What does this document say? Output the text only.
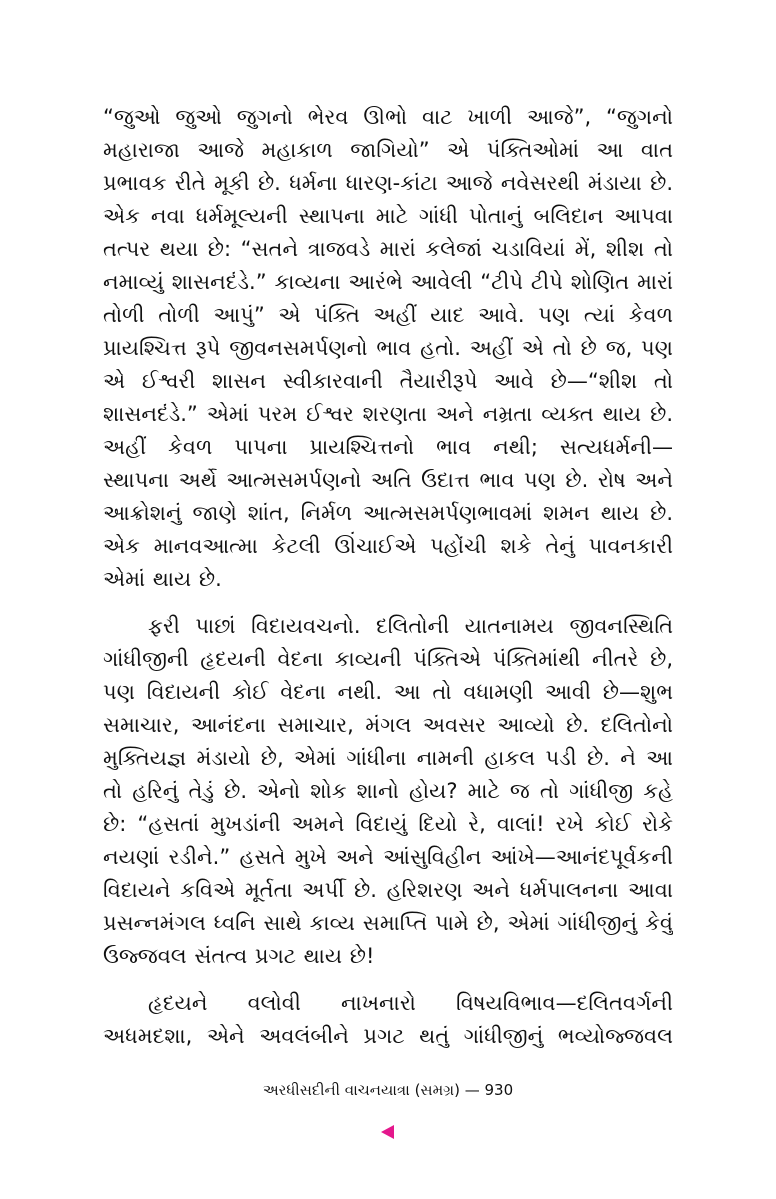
“જુઓ જુઓ જુગનો ભેરવ ઊભો વાટ ખાળી આજે”, “જુગનો
મહારાજા આજે મહાકાળ જાગિયો” એ પંક્તિઓમાં આ વાત
પ્રભાવક રીતે મૂકી છે. ધર્મના ધારણ-કાંટા આજે નવેસરથી મંડાયા છે.
એક નવા ધર્મમૂલ્યની સ્થાપના માટે ગાંધી પોતાનું બલિદાન આપવા
તત્પર થયા છે: “સતને ત્રાજવડે મારાં કલેજાં ચડાવિયાં મેં, શીશ તો
નમાવ્યું શાસનદંડે.” કાવ્યના આરંભે આવેલી “ટીપે ટીપે શોણિત મારાં
તોળી તોળી આપું” એ પંક્તિ અહીં યાદ આવે. પણ ત્યાં કેવળ
પ્રાયશ્ચિત્ત રૂપે જીવનસમર્પણનો ભાવ હતો. અહીં એ તો છે જ, પણ
એ ઈશ્વરી શાસન સ્વીકારવાની તૈયારીરૂપે આવે છે—“શીશ તો
શાસનદંડે.” એમાં પરમ ઈશ્વર શરણતા અને નમ્રતા વ્યક્ત થાય છે.
અહીં કેવળ પાપના પ્રાયશ્ચિત્તનો ભાવ નથી; સત્યધર્મની—
સ્થાપના અર્થે આત્મસમર્પણનો અતિ ઉદાત્ત ભાવ પણ છે. રોષ અને
આક્રોશનું જાણે શાંત, નિર્મળ આત્મસમર્પણભાવમાં શમન થાય છે.
એક માનવઆત્મા કેટલી ઊંચાઈએ પહોંચી શકે તેનું પાવનકારી
એમાં થાય છે.
ફરી પાછાં વિદાયવચનો. દલિતોની યાતનામય જીવનસ્થિતિ
ગાંધીજીની હૃદયની વેદના કાવ્યની પંક્તિએ પંક્તિમાંથી નીતરે છે,
પણ વિદાયની કોઈ વેદના નથી. આ તો વધામણી આવી છે—શુભ
સમાચાર, આનંદના સમાચાર, મંગલ અવસર આવ્યો છે. દલિતોનો
મુક્તિયજ્ઞ મંડાયો છે, એમાં ગાંધીના નામની હાકલ પડી છે. ને આ
તો હરિનું તેડું છે. એનો શોક શાનો હોય? માટે જ તો ગાંધીજી કહે
છે: “હસતાં મુખડાંની અમને વિદાયું દિયો રે, વાલાં! રખે કોઈ રોકે
નયણાં રડીને.” હસતે મુખે અને આંસુવિહીન આંખે—આનંદપૂર્વકની
વિદાયને કવિએ મૂર્તતા અર્પી છે. હરિશરણ અને ધર્મપાલનના આવા
પ્રસન્નમંગલ ધ્વનિ સાથે કાવ્ય સમાપ્તિ પામે છે, એમાં ગાંધીજીનું કેવું
ઉજ્જવલ સંતત્વ પ્રગટ થાય છે!
હૃદયને વલોવી નાખનારો વિષયવિભાવ—દલિતવર્ગની
અધમદશા, એને અવલંબીને પ્રગટ થતું ગાંધીજીનું ભવ્યોજ્જવલ
અરધીસદીની વાચનયાત્રા (સમગ્ર) — 930
